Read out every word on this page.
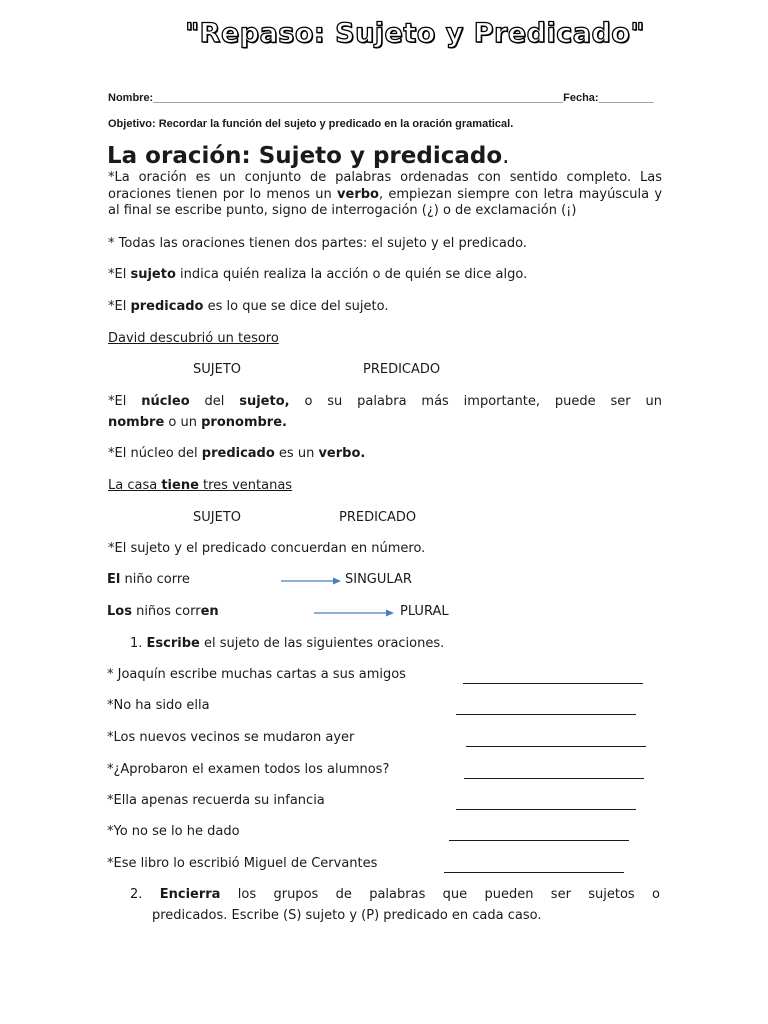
"Repaso: Sujeto y Predicado"
Nombre:___________________________________________________________________Fecha:_________
Objetivo: Recordar la función del sujeto y predicado en la oración gramatical.
La oración: Sujeto y predicado.
*La oración es un conjunto de palabras ordenadas con sentido completo. Las oraciones tienen por lo menos un verbo, empiezan siempre con letra mayúscula y al final se escribe punto, signo de interrogación (¿) o de exclamación (¡)
* Todas las oraciones tienen dos partes: el sujeto y el predicado.
*El sujeto indica quién realiza la acción o de quién se dice algo.
*El predicado es lo que se dice del sujeto.
David descubrió un tesoro
SUJETO	PREDICADO
*El núcleo del sujeto, o su palabra más importante, puede ser un
nombre o un pronombre.
*El núcleo del predicado es un verbo.
La casa tiene tres ventanas
SUJETO	PREDICADO
*El sujeto y el predicado concuerdan en número.
El niño corre	SINGULAR
Los niños corren	PLURAL
1. Escribe el sujeto de las siguientes oraciones.
* Joaquín escribe muchas cartas a sus amigos
*No ha sido ella
*Los nuevos vecinos se mudaron ayer
*¿Aprobaron el examen todos los alumnos?
*Ella apenas recuerda su infancia
*Yo no se lo he dado
*Ese libro lo escribió Miguel de Cervantes
2. Encierra los grupos de palabras que pueden ser sujetos o
predicados. Escribe (S) sujeto y (P) predicado en cada caso.
